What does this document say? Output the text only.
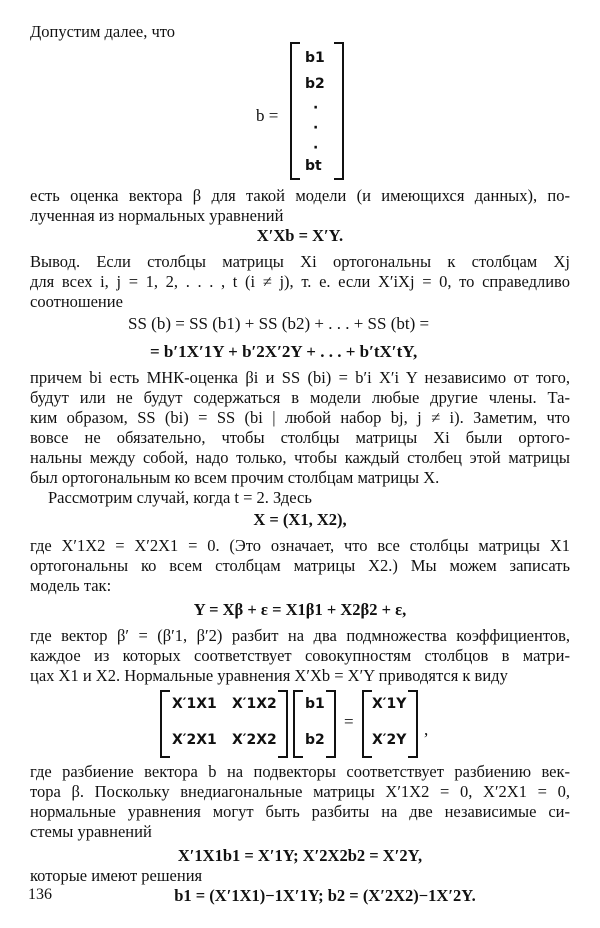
Допустим далее, что
b =
b1
b2
·
·
·
bt
есть оценка вектора β для такой модели (и имеющихся данных), по-
лученная из нормальных уравнений
X′Xb = X′Y.
Вывод. Если столбцы матрицы Xi ортогональны к столбцам Xj
для всех i, j = 1, 2, . . . , t (i ≠ j), т. е. если X′iXj = 0, то справедливо
соотношение
SS (b) = SS (b1) + SS (b2) + . . . + SS (bt) =
= b′1X′1Y + b′2X′2Y + . . . + b′tX′tY,
причем bi есть МНК-оценка βi и SS (bi) = b′i X′i Y независимо от того,
будут или не будут содержаться в модели любые другие члены. Та-
ким образом, SS (bi) = SS (bi | любой набор bj, j ≠ i). Заметим, что
вовсе не обязательно, чтобы столбцы матрицы Xi были ортого-
нальны между собой, надо только, чтобы каждый столбец этой матрицы
был ортогональным ко всем прочим столбцам матрицы X.
Рассмотрим случай, когда t = 2. Здесь
X = (X1, X2),
где X′1X2 = X′2X1 = 0. (Это означает, что все столбцы матрицы X1
ортогональны ко всем столбцам матрицы X2.) Мы можем записать
модель так:
Y = Xβ + ε = X1β1 + X2β2 + ε,
где вектор β′ = (β′1, β′2) разбит на два подмножества коэффициентов,
каждое из которых соответствует совокупностям столбцов в матри-
цах X1 и X2. Нормальные уравнения X′Xb = X′Y приводятся к виду
X′1X1 X′1X2
X′2X1 X′2X2
b1
b2
=
X′1Y
X′2Y
,
где разбиение вектора b на подвекторы соответствует разбиению век-
тора β. Поскольку внедиагональные матрицы X′1X2 = 0, X′2X1 = 0,
нормальные уравнения могут быть разбиты на две независимые си-
стемы уравнений
X′1X1b1 = X′1Y; X′2X2b2 = X′2Y,
которые имеют решения
b1 = (X′1X1)−1X′1Y; b2 = (X′2X2)−1X′2Y.
136
